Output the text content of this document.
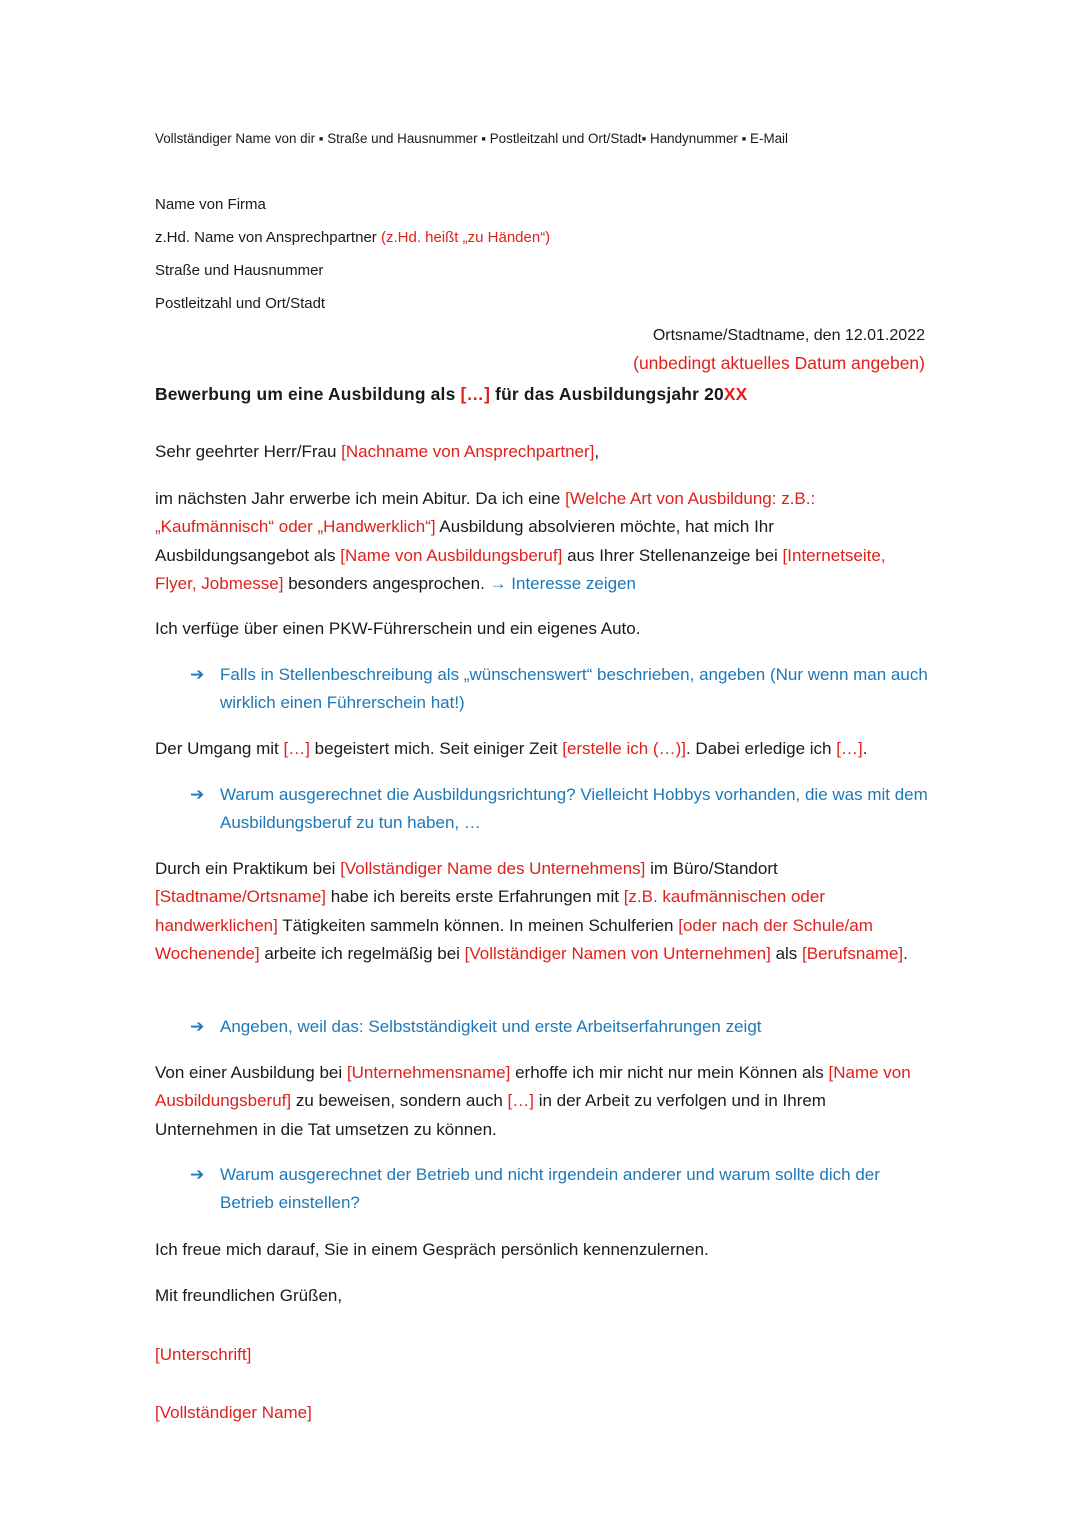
Vollständiger Name von dir ▪ Straße und Hausnummer ▪ Postleitzahl und Ort/Stadt▪ Handynummer ▪ E-Mail
Name von Firma
z.Hd. Name von Ansprechpartner (z.Hd. heißt „zu Händen“)
Straße und Hausnummer
Postleitzahl und Ort/Stadt
Ortsname/Stadtname, den 12.01.2022
(unbedingt aktuelles Datum angeben)
Bewerbung um eine Ausbildung als […] für das Ausbildungsjahr 20XX
Sehr geehrter Herr/Frau [Nachname von Ansprechpartner],
im nächsten Jahr erwerbe ich mein Abitur. Da ich eine [Welche Art von Ausbildung: z.B.: „Kaufmännisch“ oder „Handwerklich“] Ausbildung absolvieren möchte, hat mich Ihr Ausbildungsangebot als [Name von Ausbildungsberuf] aus Ihrer Stellenanzeige bei [Internetseite, Flyer, Jobmesse] besonders angesprochen. → Interesse zeigen
Ich verfüge über einen PKW-Führerschein und ein eigenes Auto.
➔ Falls in Stellenbeschreibung als „wünschenswert“ beschrieben, angeben (Nur wenn man auch wirklich einen Führerschein hat!)
Der Umgang mit […] begeistert mich. Seit einiger Zeit [erstelle ich (…)]. Dabei erledige ich […].
➔ Warum ausgerechnet die Ausbildungsrichtung? Vielleicht Hobbys vorhanden, die was mit dem Ausbildungsberuf zu tun haben, …
Durch ein Praktikum bei [Vollständiger Name des Unternehmens] im Büro/Standort [Stadtname/Ortsname] habe ich bereits erste Erfahrungen mit [z.B. kaufmännischen oder handwerklichen] Tätigkeiten sammeln können. In meinen Schulferien [oder nach der Schule/am Wochenende] arbeite ich regelmäßig bei [Vollständiger Namen von Unternehmen] als [Berufsname].
➔ Angeben, weil das: Selbstständigkeit und erste Arbeitserfahrungen zeigt
Von einer Ausbildung bei [Unternehmensname] erhoffe ich mir nicht nur mein Können als [Name von Ausbildungsberuf] zu beweisen, sondern auch […] in der Arbeit zu verfolgen und in Ihrem Unternehmen in die Tat umsetzen zu können.
➔ Warum ausgerechnet der Betrieb und nicht irgendein anderer und warum sollte dich der Betrieb einstellen?
Ich freue mich darauf, Sie in einem Gespräch persönlich kennenzulernen.
Mit freundlichen Grüßen,
[Unterschrift]
[Vollständiger Name]
